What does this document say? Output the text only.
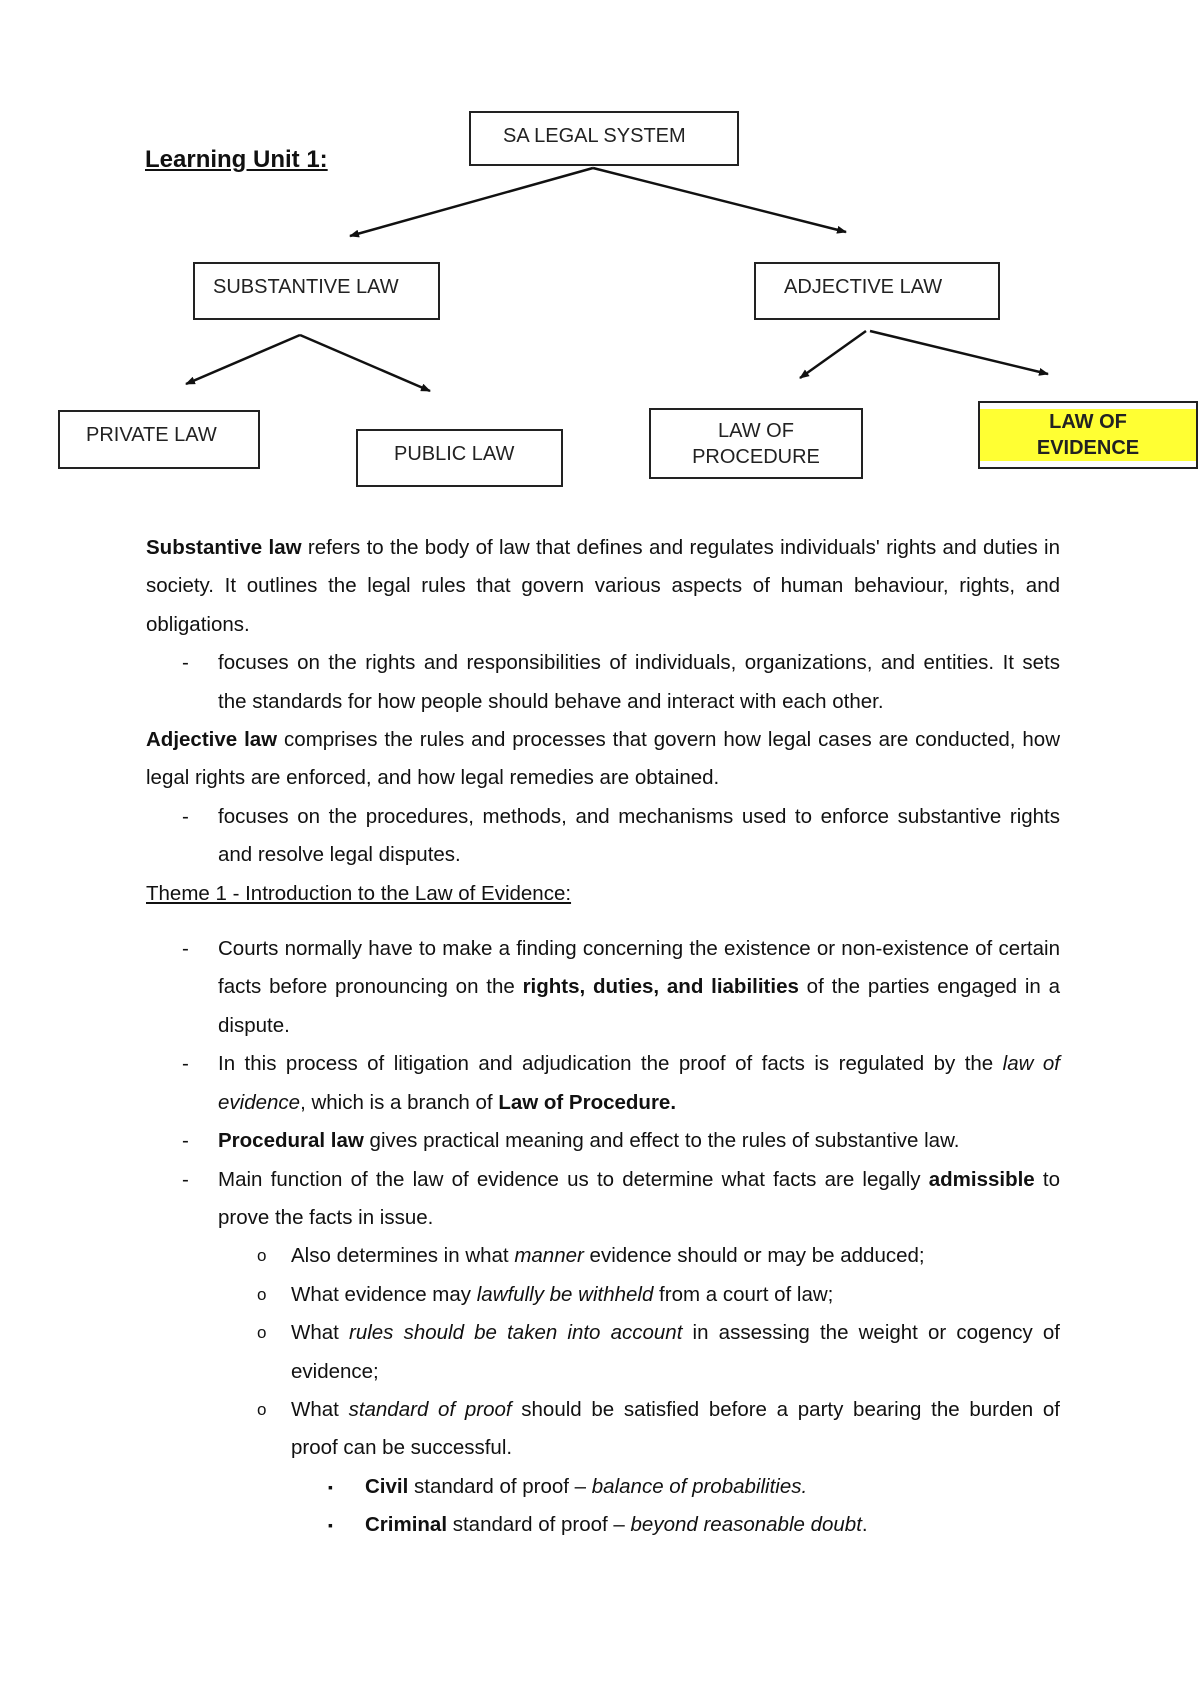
Learning Unit 1:
SA LEGAL SYSTEM
SUBSTANTIVE LAW	ADJECTIVE LAW
PRIVATE LAW
PUBLIC LAW
LAW OF
PROCEDURE
LAW OF
EVIDENCE

Substantive law refers to the body of law that defines and regulates individuals' rights and duties in society. It outlines the legal rules that govern various aspects of human behaviour, rights, and obligations.

- focuses on the rights and responsibilities of individuals, organizations, and entities. It sets the standards for how people should behave and interact with each other.

Adjective law comprises the rules and processes that govern how legal cases are conducted, how legal rights are enforced, and how legal remedies are obtained.

- focuses on the procedures, methods, and mechanisms used to enforce substantive rights and resolve legal disputes.

Theme 1 - Introduction to the Law of Evidence:

- Courts normally have to make a finding concerning the existence or non-existence of certain facts before pronouncing on the rights, duties, and liabilities of the parties engaged in a dispute.
- In this process of litigation and adjudication the proof of facts is regulated by the law of evidence, which is a branch of Law of Procedure.
- Procedural law gives practical meaning and effect to the rules of substantive law.
- Main function of the law of evidence us to determine what facts are legally admissible to prove the facts in issue.
o Also determines in what manner evidence should or may be adduced;
o What evidence may lawfully be withheld from a court of law;
o What rules should be taken into account in assessing the weight or cogency of evidence;
o What standard of proof should be satisfied before a party bearing the burden of proof can be successful.
▪ Civil standard of proof – balance of probabilities.
▪ Criminal standard of proof – beyond reasonable doubt.
